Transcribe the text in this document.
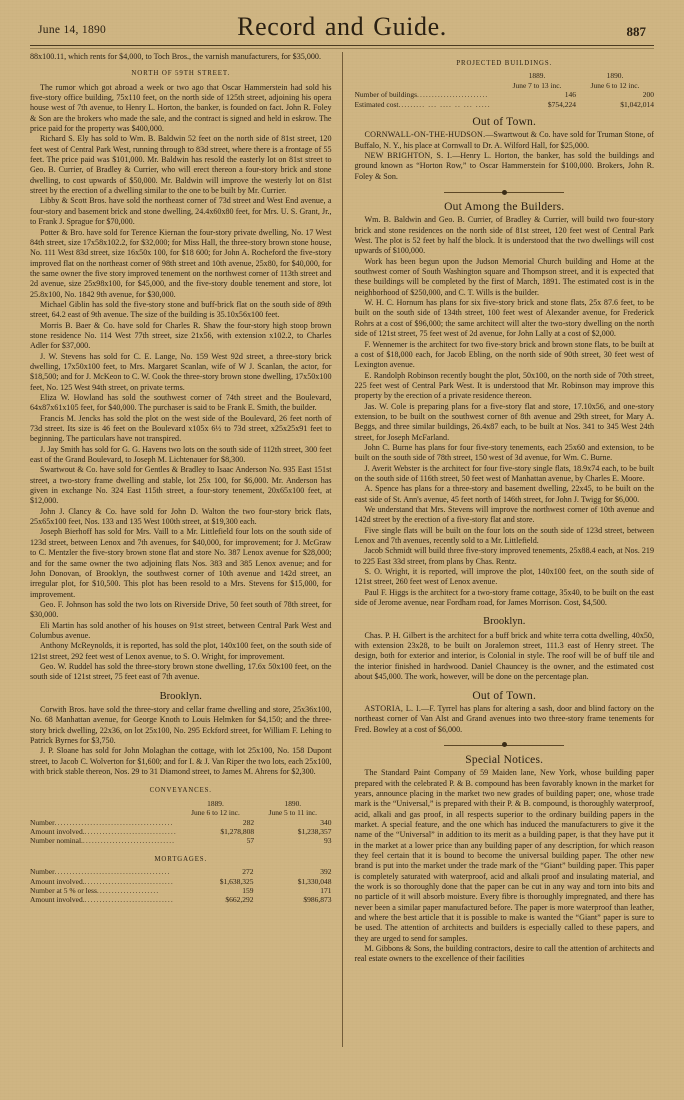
June 14, 1890	Record and Guide.	887

88x100.11, which rents for $4,000, to Toch Bros., the varnish manufacturers, for $35,000.

NORTH OF 59TH STREET.

The rumor which got abroad a week or two ago that Oscar Hammerstein had sold his five-story office building, 75x110 feet, on the north side of 125th street, adjoining his opera house west of 7th avenue, to Henry L. Horton, the banker, is founded on fact. John R. Foley & Son are the brokers who made the sale, and the contract is signed and held in eskrow. The price paid for the property was $400,000.

Richard S. Ely has sold to Wm. B. Baldwin 52 feet on the north side of 81st street, 120 feet west of Central Park West, running through to 83d street, where there is a frontage of 55 feet. The price paid was $101,000. Mr. Baldwin has resold the easterly lot on 81st street to Geo. B. Currier, of Bradley & Currier, who will erect thereon a four-story brick and stone dwelling, to cost upwards of $50,000. Mr. Baldwin will improve the westerly lot on 81st street by the erection of a dwelling similar to the one to be built by Mr. Currier.

Libby & Scott Bros. have sold the northeast corner of 73d street and West End avenue, a four-story and basement brick and stone dwelling, 24.4x60x80 feet, for Mrs. U. S. Grant, Jr., to Frank J. Sprague for $70,000.

Potter & Bro. have sold for Terence Kiernan the four-story private dwelling, No. 17 West 84th street, size 17x58x102.2, for $32,000; for Miss Hall, the three-story brown stone house, No. 111 West 83d street, size 16x50x 100, for $18 600; for John A. Rocheford the five-story improved flat on the northeast corner of 98th street and 10th avenue, 25x80, for $40,000, for the same owner the five story improved tenement on the northwest corner of 113th street and 2d avenue, size 25x98x100, for $45,000, and the five-story double tenement and store, lot 25.8x100, No. 1842 9th avenue, for $30,000.

Michael Giblin has sold the five-story stone and buff-brick flat on the south side of 89th street, 64.2 east of 9th avenue. The size of the building is 35.10x56x100 feet.

Morris B. Baer & Co. have sold for Charles R. Shaw the four-story high stoop brown stone residence No. 114 West 77th street, size 21x56, with extension x102.2, to Charles Adler for $37,000.

J. W. Stevens has sold for C. E. Lange, No. 159 West 92d street, a three-story brick dwelling, 17x50x100 feet, to Mrs. Margaret Scanlan, wife of W J. Scanlan, the actor, for $18,500; and for J. McKeon to C. W. Cook the three-story brown stone dwelling, 17x50x100 feet, No. 125 West 94th street, on private terms.

Eliza W. Howland has sold the southwest corner of 74th street and the Boulevard, 64x87x61x105 feet, for $40,000. The purchaser is said to be Frank E. Smith, the builder.

Francis M. Jencks has sold the plot on the west side of the Boulevard, 26 feet north of 73d street. Its size is 46 feet on the Boulevard x105x 6½ to 73d street, x25x25x91 feet to beginning. The particulars have not transpired.

J. Jay Smith has sold for G. G. Havens two lots on the south side of 112th street, 300 feet east of the Grand Boulevard, to Joseph M. Lichtenauer for $8,300.

Swartwout & Co. have sold for Gentles & Bradley to Isaac Anderson No. 935 East 151st street, a two-story frame dwelling and stable, lot 25x 100, for $6,000. Mr. Anderson has given in exchange No. 324 East 115th street, a four-story tenement, 20x65x100 feet, at $12,000.

John J. Clancy & Co. have sold for John D. Walton the two four-story brick flats, 25x65x100 feet, Nos. 133 and 135 West 100th street, at $19,300 each.

Joseph Bierhoff has sold for Mrs. Vaill to a Mr. Littlefield four lots on the south side of 123d street, between Lenox and 7th avenues, for $40,000, for improvement; for J. McGraw to C. Mentzler the five-story brown stone flat and store No. 387 Lenox avenue for $28,000; and for the same owner the two adjoining flats Nos. 383 and 385 Lenox avenue; and for John Donovan, of Brooklyn, the southwest corner of 10th avenue and 142d street, an irregular plot, for $10,500. This plot has been resold to a Mrs. Stevens for $15,000, for improvement.

Geo. F. Johnson has sold the two lots on Riverside Drive, 50 feet south of 78th street, for $30,000.

Eli Martin has sold another of his houses on 91st street, between Central Park West and Columbus avenue.

Anthony McReynolds, it is reported, has sold the plot, 140x100 feet, on the south side of 121st street, 292 feet west of Lenox avenue, to S. O. Wright, for improvement.

Geo. W. Ruddel has sold the three-story brown stone dwelling, 17.6x 50x100 feet, on the south side of 121st street, 75 feet east of 7th avenue.

Brooklyn.

Corwith Bros. have sold the three-story and cellar frame dwelling and store, 25x36x100, No. 68 Manhattan avenue, for George Knoth to Louis Helmken for $4,150; and the three-story brick dwelling, 22x36, on lot 25x100, No. 295 Eckford street, for William F. Lehing to Patrick Byrnes for $3,750.

J. P. Sloane has sold for John Molaghan the cottage, with lot 25x100, No. 158 Dupont street, to Jacob C. Wolverton for $1,600; and for I. & J. Van Riper the two lots, each 25x100, with brick stable thereon, Nos. 29 to 31 Diamond street, to James M. Ahrens for $2,300.

CONVEYANCES.
	1889.	1890.
	June 6 to 12 inc.	June 5 to 11 inc.
Number........................................	282	340
Amount involved................................	$1,278,808	$1,238,357
Number nominal................................	57	93
MORTGAGES.
Number.......................................	272	392
Amount involved...............................	$1,638,325	$1,330,048
Number at 5 % or less.....................	159	171
Amount involved...............................	$662,292	$986,873
PROJECTED BUILDINGS.
	1889.	1890.
	June 7 to 13 inc.	June 6 to 12 inc.
Number of buildings........................	146	200
Estimated cost......... ... .... .. ... .....	$754,224	$1,042,014
Out of Town.

CORNWALL-ON-THE-HUDSON.—Swartwout & Co. have sold for Truman Stone, of Buffalo, N. Y., his place at Cornwall to Dr. A. Wilford Hall, for $25,000.

NEW BRIGHTON, S. I.—Henry L. Horton, the banker, has sold the buildings and ground known as “Horton Row,” to Oscar Hammerstein for $100,000. Brokers, John R. Foley & Son.

Out Among the Builders.

Wm. B. Baldwin and Geo. B. Currier, of Bradley & Currier, will build two four-story brick and stone residences on the north side of 81st street, 120 feet west of Central Park West. The plot is 52 feet by half the block. It is understood that the two dwellings will cost upwards of $100,000.

Work has been begun upon the Judson Memorial Church building and Home at the southwest corner of South Washington square and Thompson street, and it is expected that these buildings will be completed by the first of March, 1891. The estimated cost is in the neighborhood of $250,000, and C. T. Wills is the builder.

W. H. C. Hornum has plans for six five-story brick and stone flats, 25x 87.6 feet, to be built on the south side of 134th street, 100 feet west of Alexander avenue, for Frederick Rohrs at a cost of $96,000; the same architect will alter the two-story dwelling on the north side of 121st street, 75 feet west of 2d avenue, for John Lally at a cost of $2,000.

F. Wennemer is the architect for two five-story brick and brown stone flats, to be built at a cost of $18,000 each, for Jacob Ebling, on the north side of 90th street, 30 feet west of Lexington avenue.

E. Randolph Robinson recently bought the plot, 50x100, on the north side of 70th street, 225 feet west of Central Park West. It is understood that Mr. Robinson may improve this property by the erection of a private residence thereon.

Jas. W. Cole is preparing plans for a five-story flat and store, 17.10x56, and one-story extension, to be built on the southwest corner of 8th avenue and 29th street, for Mary A. Beggs, and three similar buildings, 26.4x87 each, to be built at Nos. 341 to 345 West 24th street, for Joseph McFarland.

John C. Burne has plans for four five-story tenements, each 25x60 and extension, to be built on the south side of 78th street, 150 west of 3d avenue, for Wm. C. Burne.

J. Averit Webster is the architect for four five-story single flats, 18.9x74 each, to be built on the south side of 116th street, 50 feet west of Manhattan avenue, by Charles E. Moore.

A. Spence has plans for a three-story and basement dwelling, 22x45, to be built on the east side of St. Ann's avenue, 45 feet north of 146th street, for John J. Twigg for $6,000.

We understand that Mrs. Stevens will improve the northwest corner of 10th avenue and 142d street by the erection of a five-story flat and store.

Five single flats will be built on the four lots on the south side of 123d street, between Lenox and 7th avenues, recently sold to a Mr. Littlefield.

Jacob Schmidt will build three five-story improved tenements, 25x88.4 each, at Nos. 219 to 225 East 33d street, from plans by Chas. Rentz.

S. O. Wright, it is reported, will improve the plot, 140x100 feet, on the south side of 121st street, 260 feet west of Lenox avenue.

Paul F. Higgs is the architect for a two-story frame cottage, 35x40, to be built on the east side of Jerome avenue, near Fordham road, for James Morrison. Cost, $4,500.

Brooklyn.

Chas. P. H. Gilbert is the architect for a buff brick and white terra cotta dwelling, 40x50, with extension 23x28, to be built on Joralemon street, 111.3 east of Henry street. The design, both for exterior and interior, is Colonial in style. The roof will be of buff tile and the interior finished in hardwood. Daniel Chauncey is the owner, and the estimated cost about $45,000. The work, however, will be done on the percentage plan.

Out of Town.

ASTORIA, L. I.—F. Tyrrel has plans for altering a sash, door and blind factory on the northeast corner of Van Alst and Grand avenues into two three-story frame tenements for Fred. Bowley at a cost of $6,000.

Special Notices.

The Standard Paint Company of 59 Maiden lane, New York, whose building paper prepared with the celebrated P. & B. compound has been favorably known in the market for years, announce placing in the market two new grades of building paper; one, whose trade mark is the “Universal,” is prepared with their P. & B. compound, is thoroughly waterproof, acid, alkali and gas proof, in all respects superior to the ordinary building papers in the market. A special feature, and the one which has induced the manufacturers to give it the name of the “Universal” in addition to its merit as a building paper, is that they have put it in the market at a lower price than any building paper of any description, for which reason they feel certain that it is bound to become the universal building paper. The other new brand is put into the market under the trade mark of the “Giant” building paper. This paper is completely saturated with waterproof, acid and alkali proof and insulating material, and the work is so thoroughly done that the paper can be cut in any way and torn into bits and no particle of it will absorb moisture. Every fibre is thoroughly impregnated, and there has never been a similar paper manufactured before. The paper is more waterproof than leather, and where the best article that it is possible to make is wanted the “Giant” paper is sure to be used. The attention of architects and builders is especially called to these papers, and they are urged to send for samples.

M. Gibbons & Sons, the building contractors, desire to call the attention of architects and real estate owners to the excellence of their facilities
